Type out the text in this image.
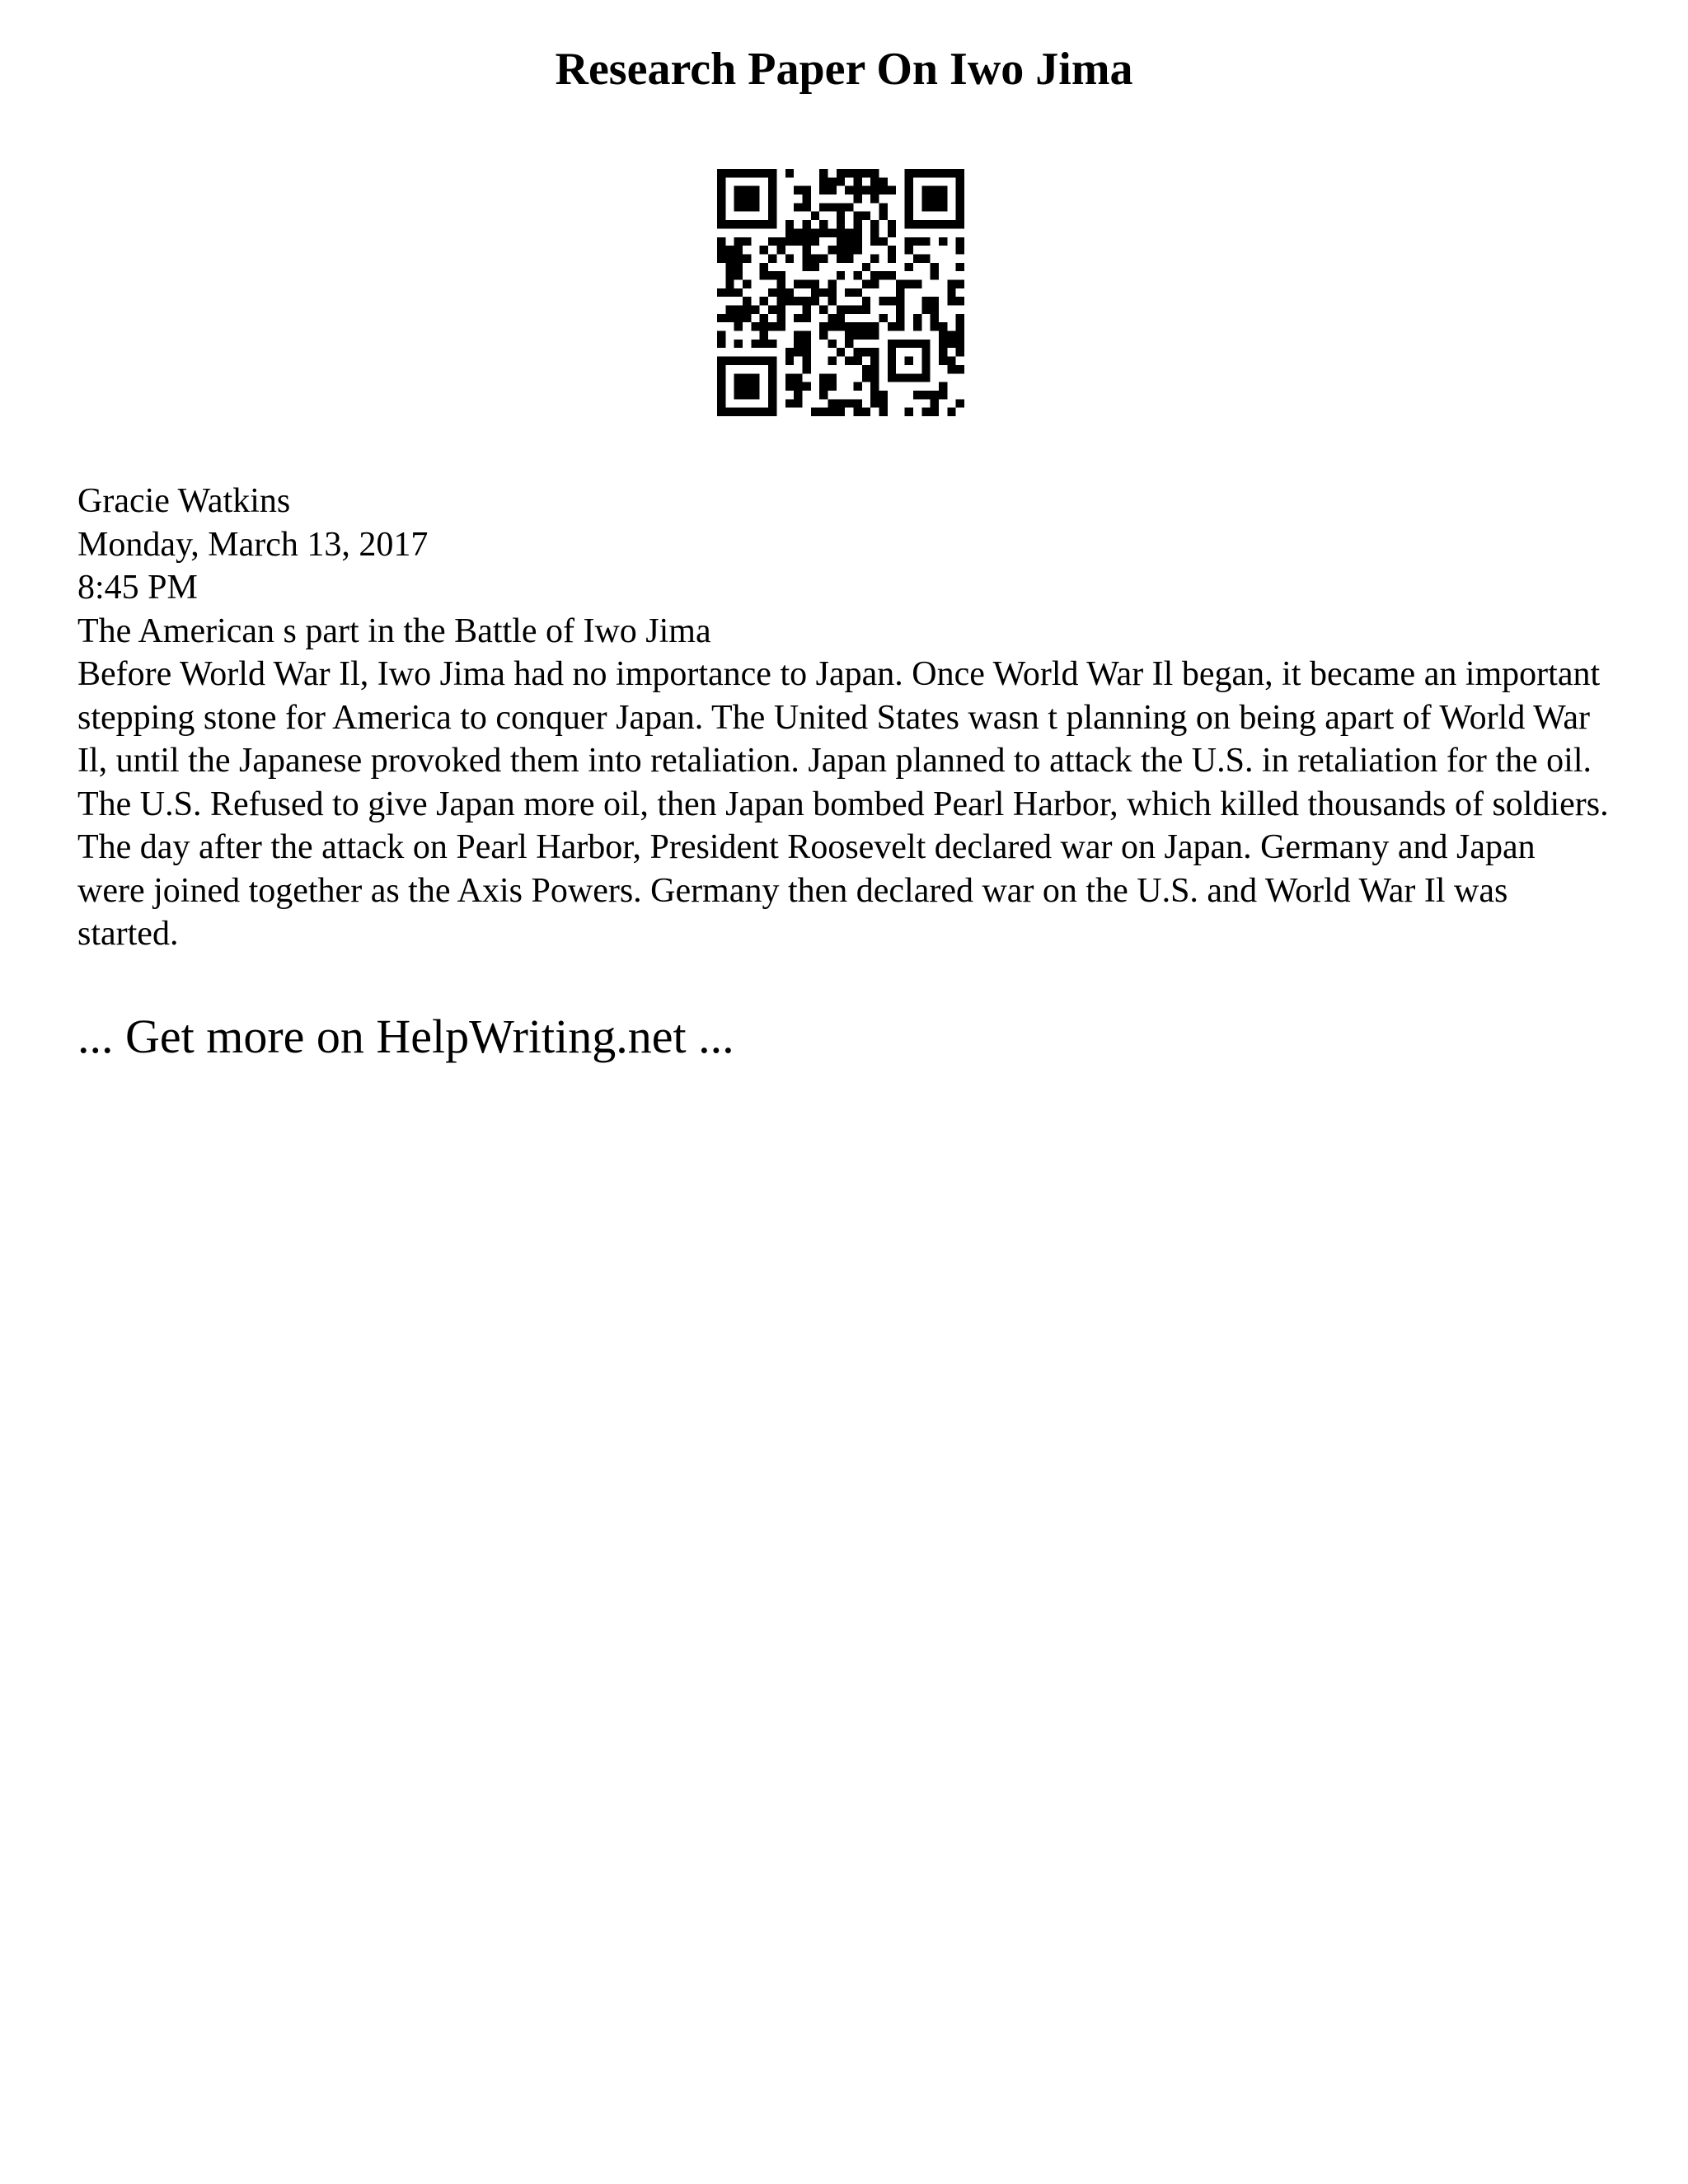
Research Paper On Iwo Jima
Gracie Watkins
Monday, March 13, 2017
8:45 PM
The American s part in the Battle of Iwo Jima

Before World War Il, Iwo Jima had no importance to Japan. Once World War Il began, it became an important stepping stone for America to conquer Japan. The United States wasn t planning on being apart of World War Il, until the Japanese provoked them into retaliation. Japan planned to attack the U.S. in retaliation for the oil. The U.S. Refused to give Japan more oil, then Japan bombed Pearl Harbor, which killed thousands of soldiers. The day after the attack on Pearl Harbor, President Roosevelt declared war on Japan. Germany and Japan were joined together as the Axis Powers. Germany then declared war on the U.S. and World War Il was started.

... Get more on HelpWriting.net ...
